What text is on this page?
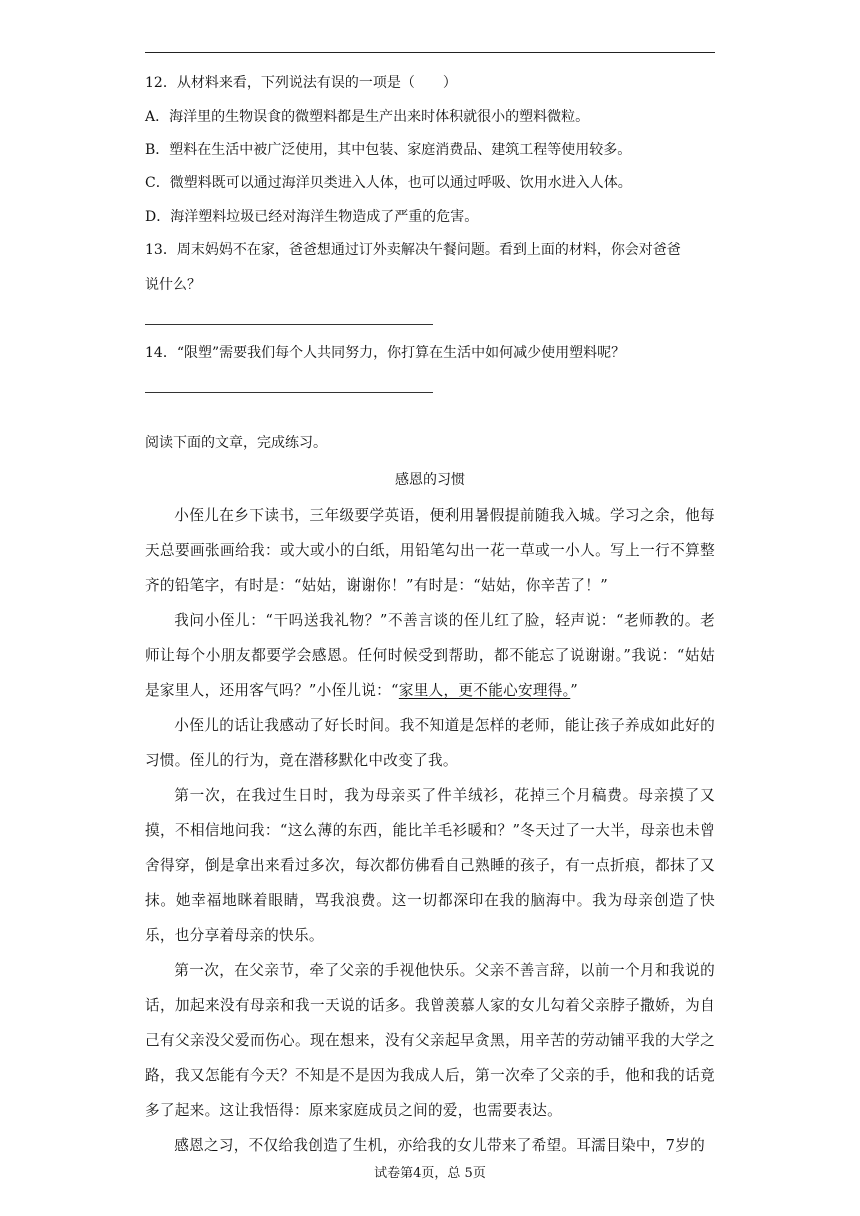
12．从材料来看，下列说法有误的一项是（　　）
A．海洋里的生物误食的微塑料都是生产出来时体积就很小的塑料微粒。
B．塑料在生活中被广泛使用，其中包装、家庭消费品、建筑工程等使用较多。
C．微塑料既可以通过海洋贝类进入人体，也可以通过呼吸、饮用水进入人体。
D．海洋塑料垃圾已经对海洋生物造成了严重的危害。
13．周末妈妈不在家，爸爸想通过订外卖解决午餐问题。看到上面的材料，你会对爸爸
说什么？
14．“限塑”需要我们每个人共同努力，你打算在生活中如何减少使用塑料呢？
阅读下面的文章，完成练习。
感恩的习惯

小侄儿在乡下读书，三年级要学英语，便利用暑假提前随我入城。学习之余，他每天总要画张画给我：或大或小的白纸，用铅笔勾出一花一草或一小人。写上一行不算整齐的铅笔字，有时是：“姑姑，谢谢你！”有时是：“姑姑，你辛苦了！”

我问小侄儿：“干吗送我礼物？”不善言谈的侄儿红了脸，轻声说：“老师教的。老师让每个小朋友都要学会感恩。任何时候受到帮助，都不能忘了说谢谢。”我说：“姑姑是家里人，还用客气吗？”小侄儿说：“家里人，更不能心安理得。”

小侄儿的话让我感动了好长时间。我不知道是怎样的老师，能让孩子养成如此好的习惯。侄儿的行为，竟在潜移默化中改变了我。

第一次，在我过生日时，我为母亲买了件羊绒衫，花掉三个月稿费。母亲摸了又摸，不相信地问我：“这么薄的东西，能比羊毛衫暖和？”冬天过了一大半，母亲也未曾舍得穿，倒是拿出来看过多次，每次都仿佛看自己熟睡的孩子，有一点折痕，都抹了又抹。她幸福地眯着眼睛，骂我浪费。这一切都深印在我的脑海中。我为母亲创造了快乐，也分享着母亲的快乐。

第一次，在父亲节，牵了父亲的手视他快乐。父亲不善言辞，以前一个月和我说的话，加起来没有母亲和我一天说的话多。我曾羡慕人家的女儿勾着父亲脖子撒娇，为自己有父亲没父爱而伤心。现在想来，没有父亲起早贪黑，用辛苦的劳动铺平我的大学之路，我又怎能有今天？不知是不是因为我成人后，第一次牵了父亲的手，他和我的话竟多了起来。这让我悟得：原来家庭成员之间的爱，也需要表达。

感恩之习，不仅给我创造了生机，亦给我的女儿带来了希望。耳濡目染中，7岁的

试卷第4页，总 5页
